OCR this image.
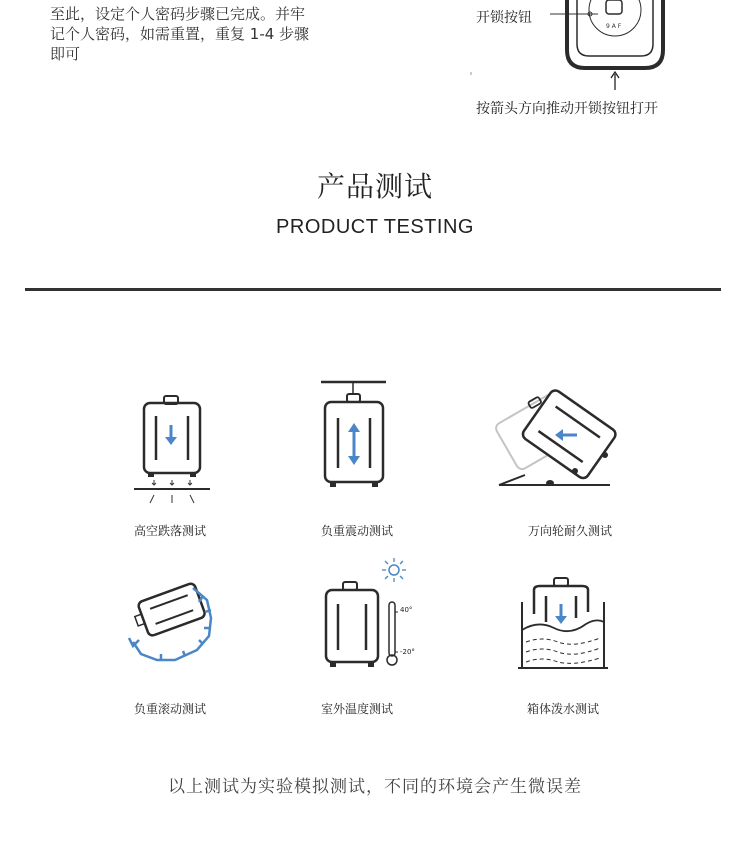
至此，设定个人密码步骤已完成。并牢
记个人密码，如需重置，重复 1-4 步骤
即可
开锁按钮
9 A F
按箭头方向推动开锁按钮打开
产品测试
PRODUCT TESTING
高空跌落测试	负重震动测试	万向轮耐久测试
负重滚动测试
40°
-20°
室外温度测试	箱体泼水测试
以上测试为实验模拟测试，不同的环境会产生微误差
